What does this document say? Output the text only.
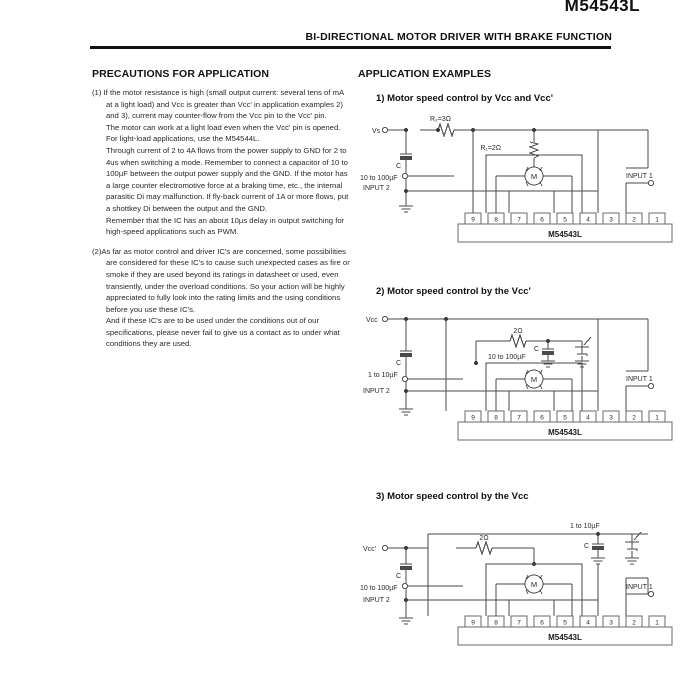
M54543L
BI-DIRECTIONAL MOTOR DRIVER WITH BRAKE FUNCTION
PRECAUTIONS FOR APPLICATION
(1) If the motor resistance is high (small output current: several tens of mA at a light load) and Vcc is greater than Vcc' in application examples 2) and 3), current may counter-flow from the Vcc pin to the Vcc' pin.
The motor can work at a light load even when the Vcc' pin is opened. For light-load applications, use the M54544L.
Through current of 2 to 4A flows from the power supply to GND for 2 to 4us when switching a mode. Remember to connect a capacitor of 10 to 100µF between the output power supply and the GND. If the motor has a large counter electromotive force at a braking time, etc., the internal parasitic Di may malfunction. If fly-back current of 1A or more flows, put a shottkey Di between the output and the GND.
Remember that the IC has an about 10µs delay in output switching for high-speed applications such as PWM.
(2)As far as motor control and driver IC's are concerned, some possibilities are considered for these IC's to cause such unexpected cases as fire or smoke if they are used beyond its ratings in datasheet or used, even transiently, under the overload conditions. So your action will be highly appreciated to fully look into the rating limits and the using conditions before you use these IC's.
And if these IC's are to be used under the conditions out of our specifications, please never fail to give us a contact as to under what conditions they are used.
APPLICATION EXAMPLES
1) Motor speed control by Vcc and Vcc'
Vs
R₂=3Ω
R₁=2Ω
C
10 to 100µF
INPUT 2
INPUT 1
M
M54543L
9	8	7	6	5	4	3	2	1
2) Motor speed control by the Vcc'
Vcc
2Ω
C
10 to 100µF
C
1 to 10µF
INPUT 2
INPUT 1
M
M54543L
9	8	7	6	5	4	3	2	1
3) Motor speed control by the Vcc
Vcc'
2Ω
C
1 to 10µF
C
10 to 100µF
INPUT 2
INPUT 1
M
M54543L
9	8	7	6	5	4	3	2	1
